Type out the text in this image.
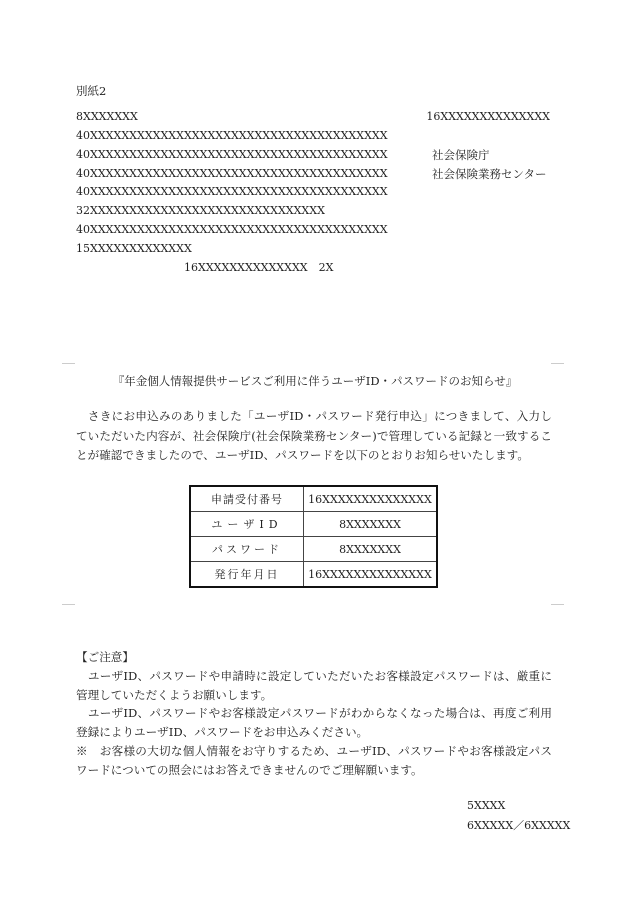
別紙2
8XXXXXXX
40XXXXXXXXXXXXXXXXXXXXXXXXXXXXXXXXXXXXXX
40XXXXXXXXXXXXXXXXXXXXXXXXXXXXXXXXXXXXXX
40XXXXXXXXXXXXXXXXXXXXXXXXXXXXXXXXXXXXXX
40XXXXXXXXXXXXXXXXXXXXXXXXXXXXXXXXXXXXXX
32XXXXXXXXXXXXXXXXXXXXXXXXXXXXXX
40XXXXXXXXXXXXXXXXXXXXXXXXXXXXXXXXXXXXXX
15XXXXXXXXXXXXX
16XXXXXXXXXXXXXX　2X
16XXXXXXXXXXXXXX
社会保険庁
社会保険業務センター
『年金個人情報提供サービスご利用に伴うユーザID・パスワードのお知らせ』

　さきにお申込みのありました「ユーザID・パスワード発行申込」につきまして、入力していただいた内容が、社会保険庁(社会保険業務センター)で管理している記録と一致することが確認できましたので、ユーザID、パスワードを以下のとおりお知らせいたします。

申請受付番号	16XXXXXXXXXXXXXX
ユーザID	8XXXXXXX
パスワード	8XXXXXXX
発行年月日	16XXXXXXXXXXXXXX

【ご注意】

　ユーザID、パスワードや申請時に設定していただいたお客様設定パスワードは、厳重に管理していただくようお願いします。

　ユーザID、パスワードやお客様設定パスワードがわからなくなった場合は、再度ご利用登録によりユーザID、パスワードをお申込みください。

※　お客様の大切な個人情報をお守りするため、ユーザID、パスワードやお客様設定パスワードについての照会にはお答えできませんのでご理解願います。

5XXXX
6XXXXX／6XXXXX
